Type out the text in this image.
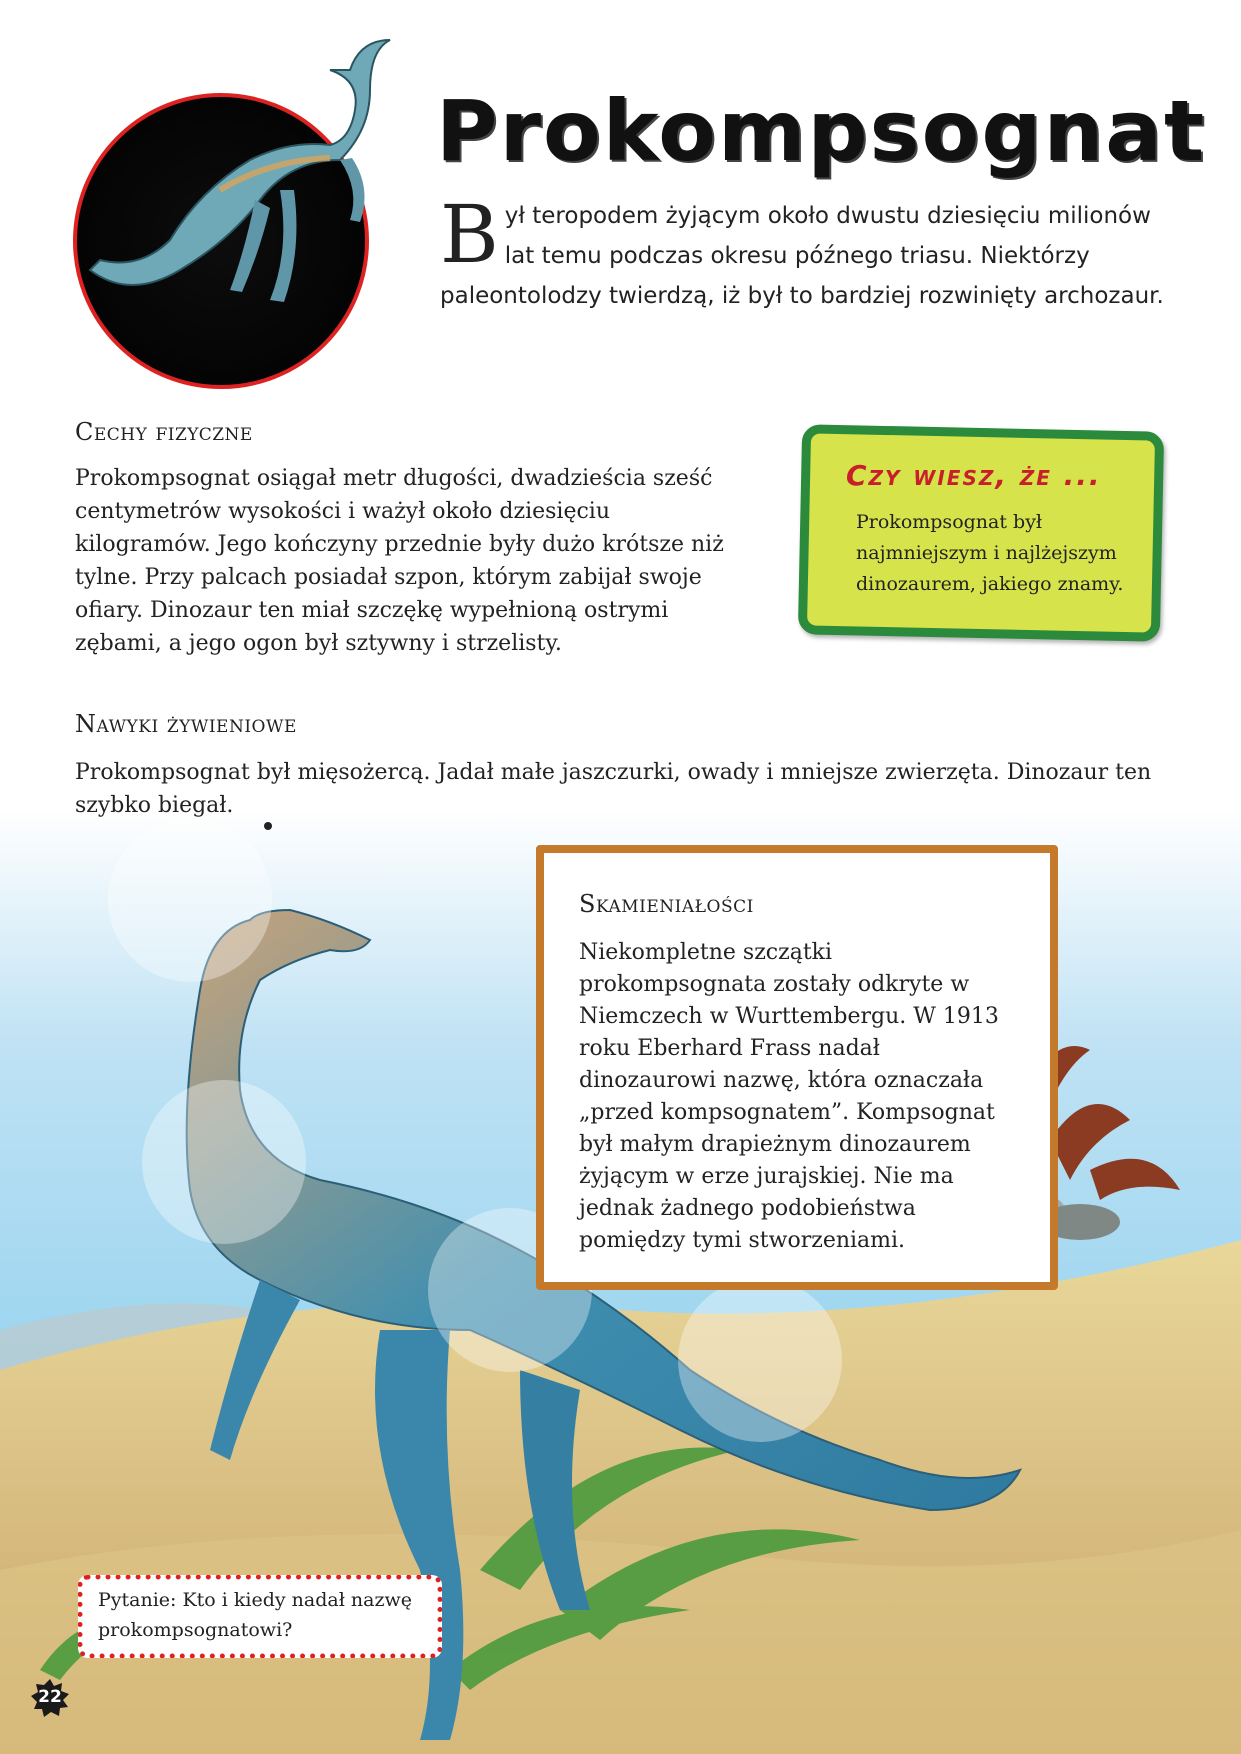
Prokompsognat
Był teropodem żyjącym około dwustu dziesięciu milionów lat temu podczas okresu późnego triasu. Niektórzy paleontolodzy twierdzą, iż był to bardziej rozwinięty archozaur.
Cechy fizyczne
Prokompsognat osiągał metr długości, dwadzieścia sześć centymetrów wysokości i ważył około dziesięciu kilogramów. Jego kończyny przednie były dużo krótsze niż tylne. Przy palcach posiadał szpon, którym zabijał swoje ofiary. Dinozaur ten miał szczękę wypełnioną ostrymi zębami, a jego ogon był sztywny i strzelisty.
Czy wiesz, że ...
Prokompsognat był najmniejszym i najlżejszym dinozaurem, jakiego znamy.
Nawyki żywieniowe
Prokompsognat był mięsożercą. Jadał małe jaszczurki, owady i mniejsze zwierzęta. Dinozaur ten szybko biegał.
Skamieniałości
Niekompletne szczątki prokompsognata zostały odkryte w Niemczech w Wurttembergu. W 1913 roku Eberhard Frass nadał dinozaurowi nazwę, która oznaczała „przed kompsognatem”. Kompsognat był małym drapieżnym dinozaurem żyjącym w erze jurajskiej. Nie ma jednak żadnego podobieństwa pomiędzy tymi stworzeniami.
Pytanie: Kto i kiedy nadał nazwę prokompsognatowi?
22
